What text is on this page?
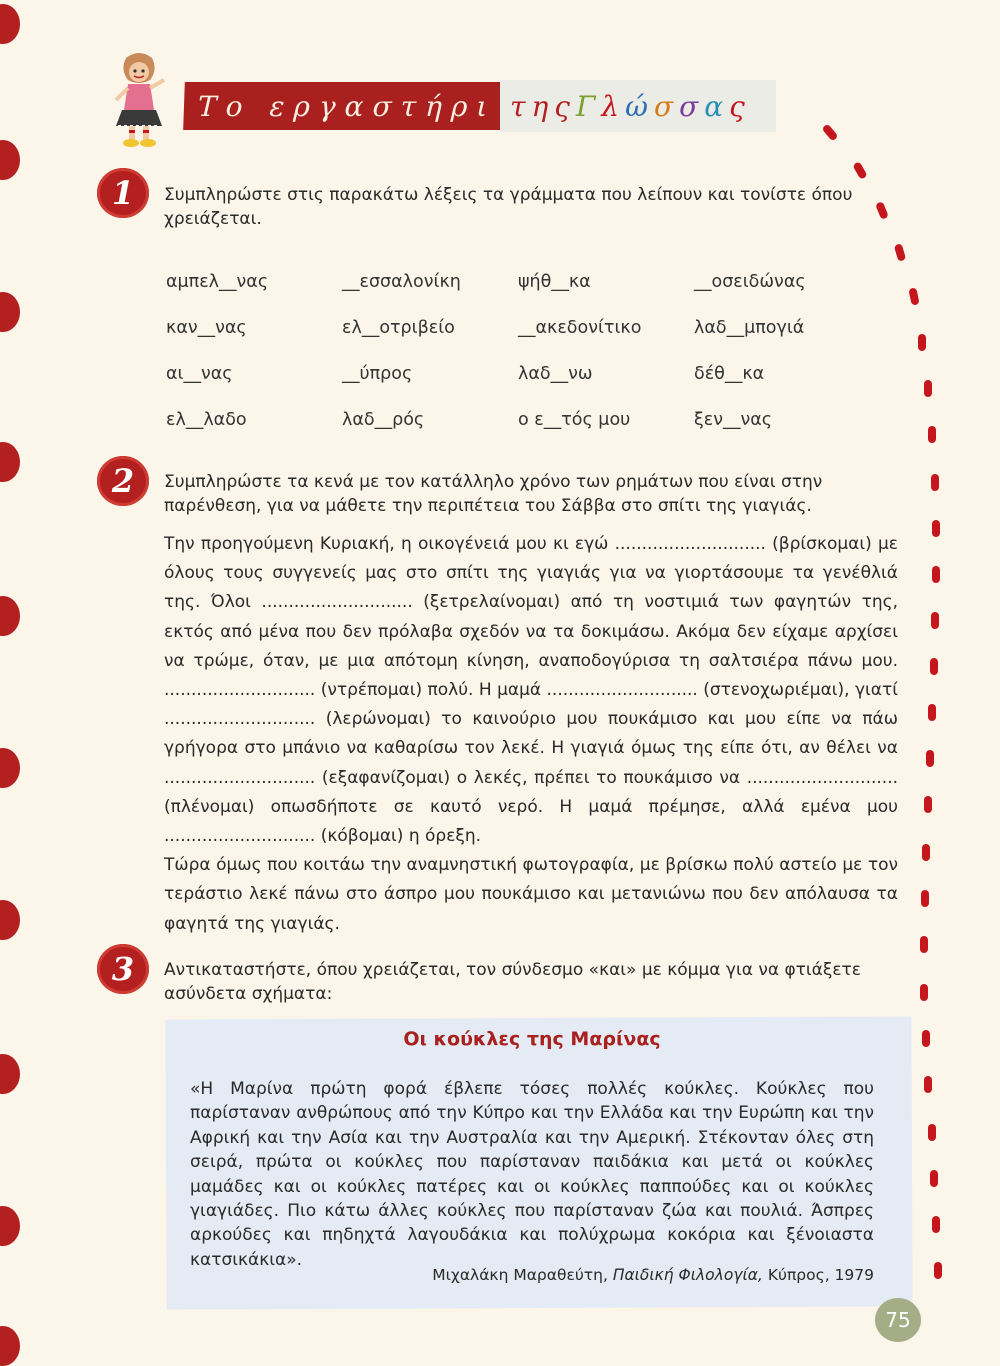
Το εργαστήρι της Γλώσσας
1	Συμπληρώστε στις παρακάτω λέξεις τα γράμματα που λείπουν και τονίστε όπου χρειάζεται.
αμπελ__νας	__εσσαλονίκη	ψήθ__κα	__οσειδώνας
καν__νας	ελ__οτριβείο	__ακεδονίτικο	λαδ__μπογιά
αι__νας	__ύπρος	λαδ__νω	δέθ__κα
ελ__λαδο	λαδ__ρός	ο ε__τός μου	ξεν__νας
2	Συμπληρώστε τα κενά με τον κατάλληλο χρόνο των ρημάτων που είναι στην παρένθεση, για να μάθετε την περιπέτεια του Σάββα στο σπίτι της γιαγιάς.
Την προηγούμενη Κυριακή, η οικογένειά μου κι εγώ ............................ (βρίσκομαι) με όλους τους συγγενείς μας στο σπίτι της γιαγιάς για να γιορτάσουμε τα γενέθλιά της. Όλοι ............................ (ξετρελαίνομαι) από τη νοστιμιά των φαγητών της, εκτός από μένα που δεν πρόλαβα σχεδόν να τα δοκιμάσω. Ακόμα δεν είχαμε αρχίσει να τρώμε, όταν, με μια απότομη κίνηση, αναποδογύρισα τη σαλτσιέρα πάνω μου. ............................ (ντρέπομαι) πολύ. Η μαμά ............................ (στενοχωριέμαι), γιατί ............................ (λερώνομαι) το καινούριο μου πουκάμισο και μου είπε να πάω γρήγορα στο μπάνιο να καθαρίσω τον λεκέ. Η γιαγιά όμως της είπε ότι, αν θέλει να ............................ (εξαφανίζομαι) ο λεκές, πρέπει το πουκάμισο να ............................ (πλένομαι) οπωσδήποτε σε καυτό νερό. Η μαμά πρέμησε, αλλά εμένα μου ............................ (κόβομαι) η όρεξη.
Τώρα όμως που κοιτάω την αναμνηστική φωτογραφία, με βρίσκω πολύ αστείο με τον τεράστιο λεκέ πάνω στο άσπρο μου πουκάμισο και μετανιώνω που δεν απόλαυσα τα φαγητά της γιαγιάς.
3	Αντικαταστήστε, όπου χρειάζεται, τον σύνδεσμο «και» με κόμμα για να φτιάξετε ασύνδετα σχήματα:
Οι κούκλες της Μαρίνας
«Η Μαρίνα πρώτη φορά έβλεπε τόσες πολλές κούκλες. Κούκλες που παρίσταναν ανθρώπους από την Κύπρο και την Ελλάδα και την Ευρώπη και την Αφρική και την Ασία και την Αυστραλία και την Αμερική. Στέκονταν όλες στη σειρά, πρώτα οι κούκλες που παρίσταναν παιδάκια και μετά οι κούκλες μαμάδες και οι κούκλες πατέρες και οι κούκλες παππούδες και οι κούκλες γιαγιάδες. Πιο κάτω άλλες κούκλες που παρίσταναν ζώα και πουλιά. Άσπρες αρκούδες και πηδηχτά λαγουδάκια και πολύχρωμα κοκόρια και ξένοιαστα κατσικάκια».
Μιχαλάκη Μαραθεύτη, Παιδική Φιλολογία, Κύπρος, 1979
75
